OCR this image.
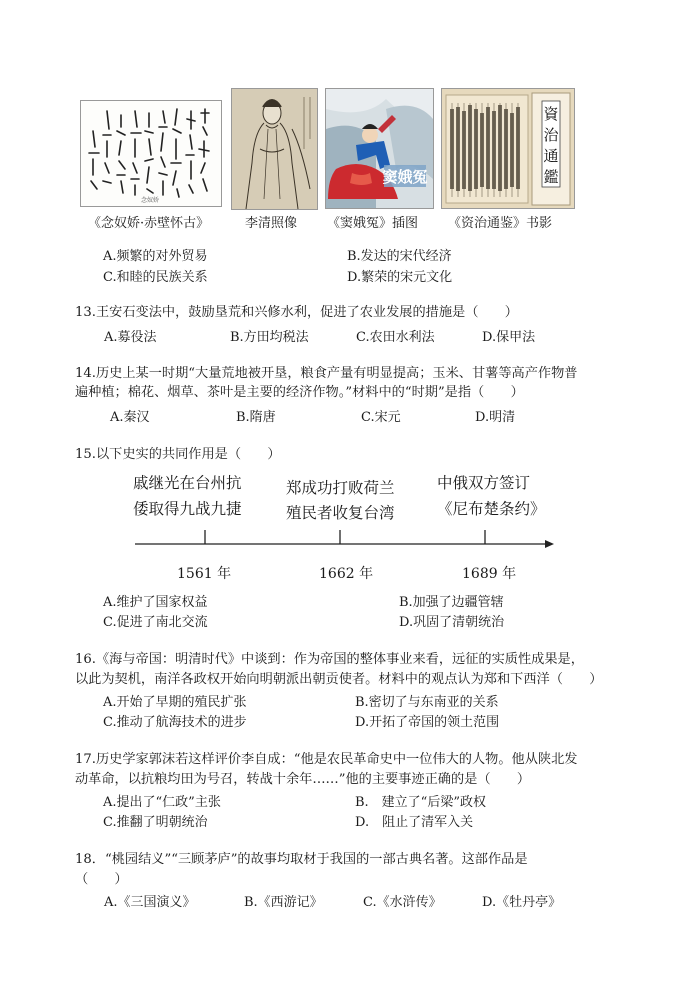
念奴娇
窦娥冤
資
治
通
鑑
《念奴娇·赤壁怀古》	李清照像 《窦娥冤》插图 《资治通鉴》书影
A.频繁的对外贸易	B.发达的宋代经济
C.和睦的民族关系	D.繁荣的宋元文化
13.王安石变法中，鼓励垦荒和兴修水利，促进了农业发展的措施是（　　）
A.募役法	B.方田均税法	C.农田水利法	D.保甲法
14.历史上某一时期“大量荒地被开垦，粮食产量有明显提高；玉米、甘薯等高产作物普
遍种植；棉花、烟草、茶叶是主要的经济作物。”材料中的“时期”是指（　　）
A.秦汉	B.隋唐	C.宋元	D.明清
15.以下史实的共同作用是（　　）
戚继光在台州抗
倭取得九战九捷
郑成功打败荷兰
殖民者收复台湾
中俄双方签订
《尼布楚条约》
1561 年	1662 年	1689 年
A.维护了国家权益	B.加强了边疆管辖
C.促进了南北交流	D.巩固了清朝统治
16.《海与帝国：明清时代》中谈到：作为帝国的整体事业来看，远征的实质性成果是，
以此为契机，南洋各政权开始向明朝派出朝贡使者。材料中的观点认为郑和下西洋（　　）
A.开始了早期的殖民扩张	B.密切了与东南亚的关系
C.推动了航海技术的进步	D.开拓了帝国的领土范围
17.历史学家郭沫若这样评价李自成：“他是农民革命史中一位伟大的人物。他从陕北发
动革命，以抗粮均田为号召，转战十余年……”他的主要事迹正确的是（　　）
A.提出了“仁政”主张	B.　建立了“后梁”政权
C.推翻了明朝统治	D.　阻止了清军入关
18．“桃园结义”“三顾茅庐”的故事均取材于我国的一部古典名著。这部作品是
（　　）
A.《三国演义》	B.《西游记》	C.《水浒传》	D.《牡丹亭》
